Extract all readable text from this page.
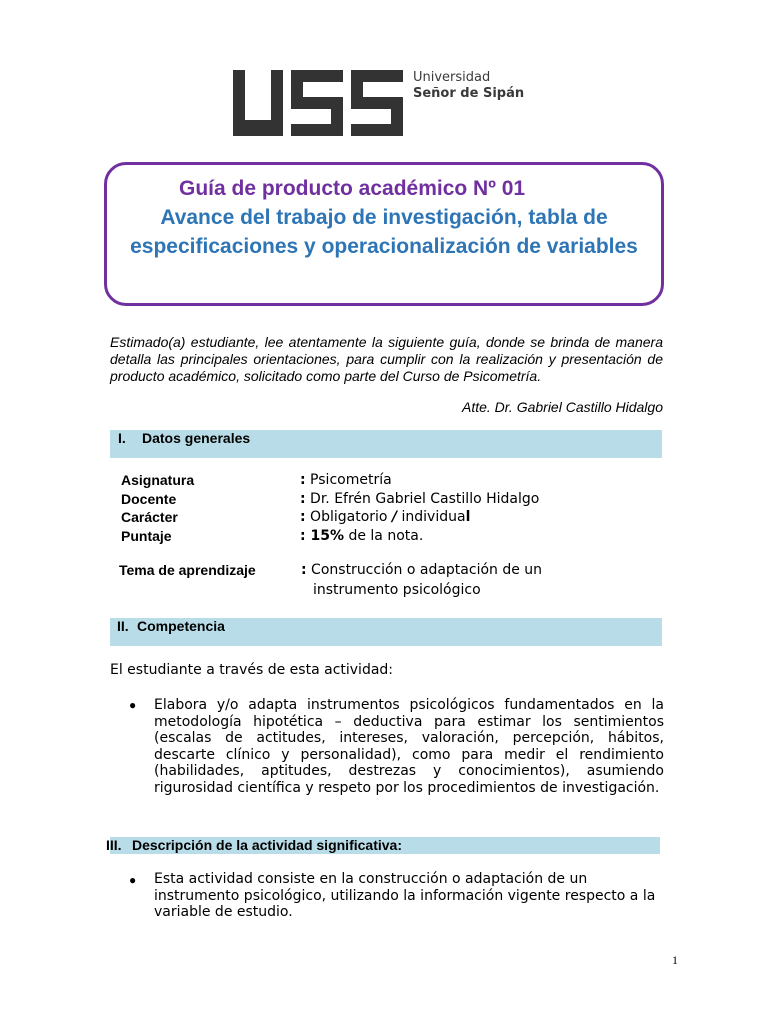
Universidad
Señor de Sipán
Guía de producto académico Nº 01
Avance del trabajo de investigación, tabla de especificaciones y operacionalización de variables
Estimado(a) estudiante, lee atentamente la siguiente guía, donde se brinda de manera detalla las principales orientaciones, para cumplir con la realización y presentación de producto académico, solicitado como parte del Curso de Psicometría.
Atte. Dr. Gabriel Castillo Hidalgo
I. Datos generales
Asignatura	: Psicometría
Docente	: Dr. Efrén Gabriel Castillo Hidalgo
Carácter	: Obligatorio / individual
Puntaje	: 15% de la nota.
Tema de aprendizaje	: Construcción o adaptación de un
instrumento psicológico
II. Competencia
El estudiante a través de esta actividad:
● Elabora y/o adapta instrumentos psicológicos fundamentados en la metodología hipotética – deductiva para estimar los sentimientos (escalas de actitudes, intereses, valoración, percepción, hábitos, descarte clínico y personalidad), como para medir el rendimiento (habilidades, aptitudes, destrezas y conocimientos), asumiendo rigurosidad científica y respeto por los procedimientos de investigación.
III. Descripción de la actividad significativa:
● Esta actividad consiste en la construcción o adaptación de un instrumento psicológico, utilizando la información vigente respecto a la variable de estudio.
1
